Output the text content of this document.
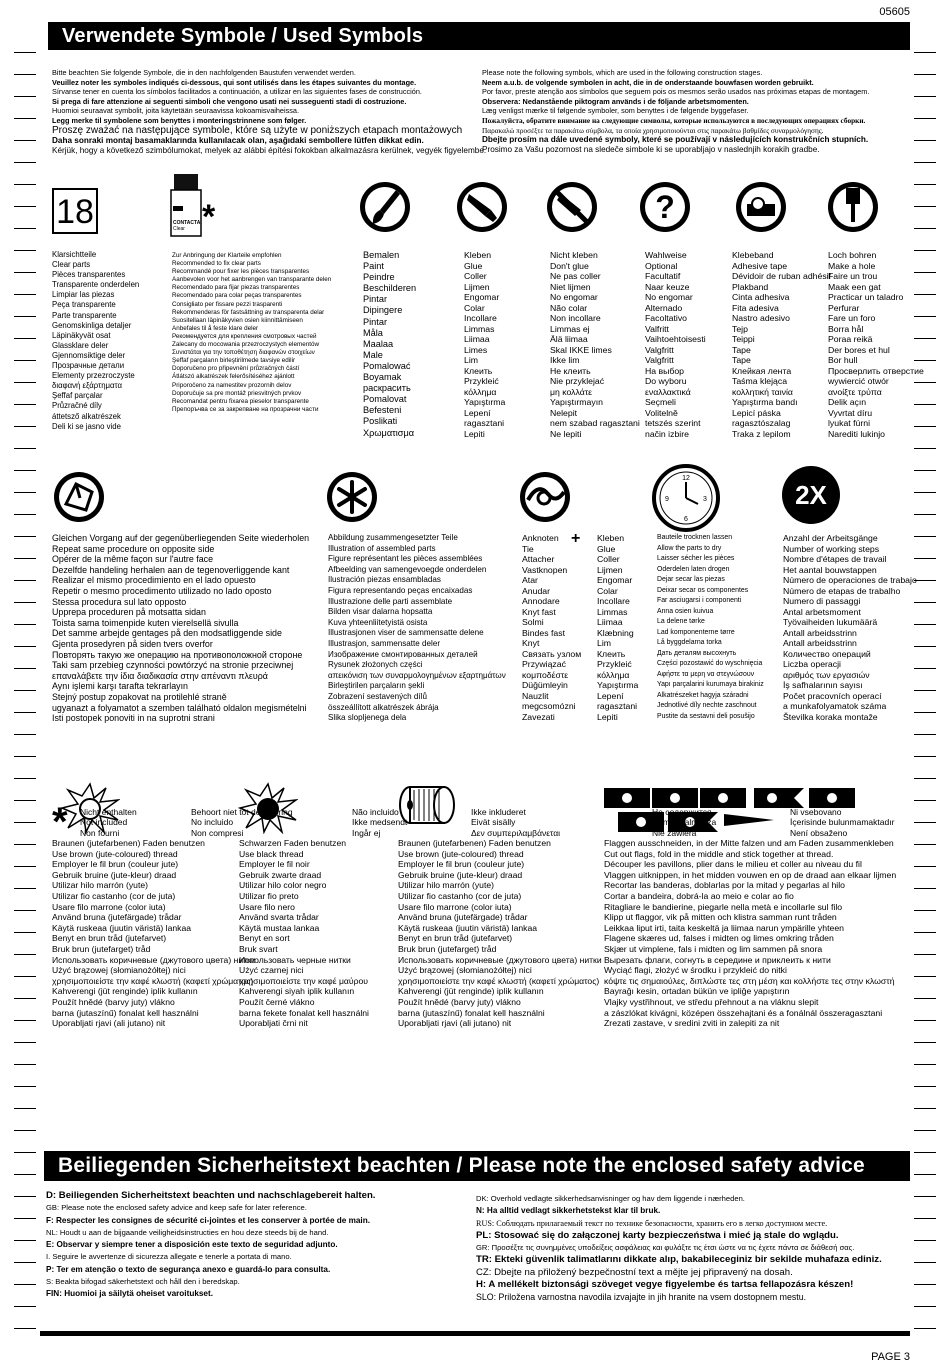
05605
Verwendete Symbole / Used Symbols
Bitte beachten Sie folgende Symbole, die in den nachfolgenden Baustufen verwendet werden.
Veuillez noter les symboles indiqués ci-dessous, qui sont utilisés dans les étapes suivantes du montage.
Sírvanse tener en cuenta los símbolos facilitados a continuación, a utilizar en las siguientes fases de construcción.
Si prega di fare attenzione ai seguenti simboli che vengono usati nei susseguenti stadi di costruzione.
Huomioi seuraavat symbolit, joita käytetään seuraavissa kokoamisvaiheissa.
Legg merke til symbolene som benyttes i monteringstrinnene som følger.
Proszę zważać na następujące symbole, które są użyte w poniższych etapach montażowych
Daha sonraki montaj basamaklarında kullanılacak olan, aşağıdaki sembollere lütfen dikkat edin.
Kérjük, hogy a következő szimbólumokat, melyek az alábbi építési fokokban alkalmazásra kerülnek, vegyék figyelembe.
Please note the following symbols, which are used in the following construction stages.
Neem a.u.b. de volgende symbolen in acht, die in de onderstaande bouwfasen worden gebruikt.
Por favor, preste atenção aos símbolos que seguem pois os mesmos serão usados nas próximas etapas de montagem.
Observera: Nedanstående piktogram används i de följande arbetsmomenten.
Læg venligst mærke til følgende symboler, som benyttes i de følgende byggefaser.
Пожалуйста, обратите внимание на следующие символы, которые используются в последующих операциях сборки.
Παρακαλώ προσέξτε τα παρακάτω σύμβολα, τα οποία χρησιμοποιούνται στις παρακάτω βαθμίδες συναρμολόγησης.
Dbejte prosím na dále uvedené symboly, které se používají v následujících konstrukčních stupních.
Prosimo za Vašu pozornost na sledeče simbole ki se uporabljajo v naslednjih korakih gradbe.
18	CONTACTA
Clear *	?
Klarsichtteile
Clear parts
Pièces transparentes
Transparente onderdelen
Limpiar las piezas
Peça transparente
Parte transparente
Genomskinliga detaljer
Läpinäkyvät osat
Glassklare deler
Gjennomsiktige deler
Прозрачные детали
Elementy przezroczyste
διαφανή εξάρτηματα
Şeffaf parçalar
Průzračné díly
áttetsző alkatrészek
Deli ki se jasno vide
Zur Anbringung der Klarteile empfohlen
Recommended to fix clear parts
Recommandé pour fixer les pièces transparentes
Aanbevolen voor het aanbrengen van transparante delen
Recomendado para fijar piezas transparentes
Recomendado para colar peças transparentes
Consigliato per fissare pezzi trasparenti
Rekommenderas för fastsättning av transparenta delar
Suositellaan läpinäkyvien osien kiinnittämiseen
Anbefales til å feste klare deler
Рекомендуется для крепления смотровых частей
Zalecany do mocowania przezroczystych elementów
Συνιστάται για την τοποθέτηση διαφανών στοιχείων
Şeffaf parçaların birleştirilmede tavsiye edilir
Doporučeno pro připevnění průzračných částí
Átlátszó alkatrészek felerősítéséhez ajánlott
Priporočeno za namestitev prozornih delov
Doporučuje sa pre montáž priesvitných prvkov
Recomandat pentru fixarea pieselor transparente
Препоръчва се за закрепване на прозрачни части
Bemalen
Paint
Peindre
Beschilderen
Pintar
Dipingere
Pintar
Måla
Maalaa
Male
Pomalować
Boyamak
раскрасить
Pomalovat
Befesteni
Poslikati
Χρωματισμα
Kleben
Glue
Coller
Lijmen
Engomar
Colar
Incollare
Limmas
Liimaa
Limes
Lim
Клеить
Przykleić
κόλλημα
Yapıştırma
Lepení
ragasztani
Lepiti
Nicht kleben
Don't glue
Ne pas coller
Niet lijmen
No engomar
Não colar
Non incollare
Limmas ej
Älä liimaa
Skal IKKE limes
Ikke lim
Не клеить
Nie przyklejać
μη κολλάτε
Yapıştırmayın
Nelepit
nem szabad ragasztani
Ne lepiti
Wahlweise
Optional
Facultatif
Naar keuze
No engomar
Alternado
Facoltativo
Valfritt
Vaihtoehtoisesti
Valgfritt
Valgfritt
На выбор
Do wyboru
εναλλακτικά
Seçmeli
Volitelně
tetszés szerint
način izbire
Klebeband
Adhesive tape
Dévidoir de ruban adhésif
Plakband
Cinta adhesiva
Fita adesiva
Nastro adesivo
Tejp
Teippi
Tape
Tape
Клейкая лента
Taśma klejąca
κολλητική ταινία
Yapıştırma bandı
Lepicí páska
ragasztószalag
Traka z lepilom
Loch bohren
Make a hole
Faire un trou
Maak een gat
Practicar un taladro
Perfurar
Fare un foro
Borra hål
Poraa reikä
Der bores et hul
Bor hull
Просверлить отверстие
wywiercić otwór
ανοίξτε τρύπα
Delik açın
Vyvrtat díru
lyukat fúrni
Narediti lukinjo
+
12
3
6
9	2X
Gleichen Vorgang auf der gegenüberliegenden Seite wiederholen
Repeat same procedure on opposite side
Opérer de la même façon sur l'autre face
Dezelfde handeling herhalen aan de tegenoverliggende kant
Realizar el mismo procedimiento en el lado opuesto
Repetir o mesmo procedimento utilizado no lado oposto
Stessa procedura sul lato opposto
Upprepa proceduren på motsatta sidan
Toista sama toimenpide kuten vierelsellä sivulla
Det samme arbejde gentages på den modsatliggende side
Gjenta prosedyren på siden tvers overfor
Повторять такую же операцию на противоположной стороне
Taki sam przebieg czynności powtórzyć na stronie przeciwnej
επαναλάβετε την ίδια διαδικασία στην απέναντι πλευρά
Aynı işlemi karşı tarafta tekrarlayın
Stejný postup zopakovat na protilehlé straně
ugyanazt a folyamatot a szemben található oldalon megismételni
Isti postopek ponoviti in na suprotni strani
Abbildung zusammengesetzter Teile
Illustration of assembled parts
Figure représentant les pièces assemblées
Afbeelding van samengevoegde onderdelen
Ilustración piezas ensambladas
Figura representando peças encaixadas
Illustrazione delle parti assemblate
Bilden visar dalarna hopsatta
Kuva yhteenliitetyistä osista
Illustrasjonen viser de sammensatte delene
Illustrasjon, sammensatte deler
Изображение смонтированных деталей
Rysunek złożonych części
απεικόνιση των συναρμολογημένων εξαρτημάτων
Birleştirilen parçaların şekli
Zobrazení sestavených dílů
összeállított alkatrészek ábrája
Slika slopljenega dela
Anknoten
Tie
Attacher
Vastknopen
Atar
Anudar
Annodare
Knyt fast
Solmi
Bindes fast
Knyt
Связать узлом
Przywiązać
κομποδέστε
Düğümleyin
Nauzlit
megcsomózni
Zavezati
Kleben
Glue
Coller
Lijmen
Engomar
Colar
Incollare
Limmas
Liimaa
Klæbning
Lim
Клеить
Przykleić
κόλλημα
Yapıştırma
Lepení
ragasztani
Lepiti
Bauteile trocknen lassen
Allow the parts to dry
Laisser sécher les pièces
Oderdelen laten drogen
Dejar secar las piezas
Deixar secar os componentes
Far asciugarsi i componenti
Anna osien kuivua
La delene tørke
Lad komponenterne tørre
Lå byggdelarna torka
Дать деталям высохнуть
Części pozostawić do wyschnięcia
Αφήστε τα μερη να στεγνώσουν
Yapı parçalarini kurumaya birakiniz
Alkatrészeket hagyja száradni
Jednotlivé díly nechte zaschnout
Pustite da sestavni deli posušijo
Anzahl der Arbeitsgänge
Number of working steps
Nombre d'étapes de travail
Het aantal bouwstappen
Número de operaciones de trabajo
Número de etapas de trabalho
Numero di passaggi
Antal arbetsmoment
Työvaiheiden lukumäärä
Antall arbeidsstrinn
Antall arbeidsstrinn
Количество операций
Liczba operacji
αριθμός των εργασιών
İş safhalarının sayısı
Počet pracovních operací
a munkafolyamatok száma
Številka koraka montaže
Braunen (jutefarbenen) Faden benutzen
Use brown (jute-coloured) thread
Employer le fil brun (couleur jute)
Gebruik bruine (jute-kleur) draad
Utilizar hilo marrón (yute)
Utilizar fio castanho (cor de juta)
Usare filo marrone (color iuta)
Använd bruna (jutefärgade) trådar
Käytä ruskeaa (juutin väristä) lankaa
Benyt en brun tråd (jutefarvet)
Bruk brun (jutefarget) tråd
Использовать коричневые (джутового цвета) нитки
Użyć brązowej (słomianożółtej) nici
χρησιμοποιείστε την καφέ κλωστή (καφετί χρώματος)
Kahverengi (jüt renginde) iplik kullanın
Použít hnědé (barvy juty) vlákno
barna (jutaszínű) fonalat kell használni
Uporabljati rjavi (ali jutano) nit
Schwarzen Faden benutzen
Use black thread
Employer le fil noir
Gebruik zwarte draad
Utilizar hilo color negro
Utilizar fio preto
Usare filo nero
Använd svarta trådar
Käytä mustaa lankaa
Benyt en sort
Bruk svart
Использовать черные нитки
Użyć czarnej nici
χρησιμοποιείστε την καφέ μαύρου
Kahverengi siyah iplik kullanın
Použít černé vlákno
barna fekete fonalat kell használni
Uporabljati črni nit
Braunen (jutefarbenen) Faden benutzen
Use brown (jute-coloured) thread
Employer le fil brun (couleur jute)
Gebruik bruine (jute-kleur) draad
Utilizar hilo marrón (yute)
Utilizar fio castanho (cor de juta)
Usare filo marrone (color iuta)
Använd bruna (jutefärgade) trådar
Käytä ruskeaa (juutin väristä) lankaa
Benyt en brun tråd (jutefarvet)
Bruk brun (jutefarget) tråd
Использовать коричневые (джутового цвета) нитки
Użyć brązowej (słomianożółtej) nici
χρησιμοποιείστε την καφέ κλωστή (καφετί χρώματος)
Kahverengi (jüt renginde) iplik kullanın
Použít hnědé (barvy juty) vlákno
barna (jutaszínű) fonalat kell használni
Uporabljati rjavi (ali jutano) nit
Flaggen ausschneiden, in der Mitte falzen und am Faden zusammenkleben
Cut out flags, fold in the middle and stick together at thread.
Découper les pavillons, plier dans le milieu et coller au niveau du fil
Vlaggen uitknippen, in het midden vouwen en op de draad aan elkaar lijmen
Recortar las banderas, doblarlas por la mitad y pegarlas al hilo
Cortar a bandeira, dobrá-la ao meio e colar ao fio
Ritagliare le bandierine, piegarle nella metà e incollarle sul filo
Klipp ut flaggor, vik på mitten och klistra samman runt tråden
Leikkaa liput irti, taita keskeltä ja liimaa narun ympärille yhteen
Flagene skæres ud, falses i midten og limes omkring tråden
Skjær ut vimplene, fals i midten og lim sammen på snora
Вырезать флаги, согнуть в середине и приклеить к нити
Wyciąć flagi, złożyć w środku i przykleić do nitki
κόψτε τις σημαιούλες, διπλώστε τες στη μέση και κολλήστε τες στην κλωστή
Bayrağı kesin, ortadan bükün ve ipliğe yapıştırın
Vlajky vystřihnout, ve středu přehnout a na vláknu slepit
a zászlókat kivágni, középen összehajtani és a fonálnál összeragasztani
Zrezati zastave, v sredini zviti in zalepiti za nit
* Nicht enthalten
Not included
Non fourni
Behoort niet tot de levering
No incluido
Non compresi
Não incluido
Ikke medsendt
Ingår ej
Ikke inkluderet
Eivät sisälly
Δεν συμπεριλαμβάνεται
Не содержится
Nem tartalmazza
Nie zawiera
Ni vsebovano
İçerisinde bulunmamaktadır
Není obsaženo
Beiliegenden Sicherheitstext beachten / Please note the enclosed safety advice
D: Beiliegenden Sicherheitstext beachten und nachschlagebereit halten.
GB: Please note the enclosed safety advice and keep safe for later reference.
F: Respecter les consignes de sécurité ci-jointes et les conserver à portée de main.
NL: Houdt u aan de bijgaande veiligheidsinstructies en hou deze steeds bij de hand.
E: Observar y siempre tener a disposición este texto de seguridad adjunto.
I. Seguire le avvertenze di sicurezza allegate e tenerle a portata di mano.
P: Ter em atenção o texto de segurança anexo e guardá-lo para consulta.
S: Beakta bifogad säkerhetstext och håll den i beredskap.
FIN: Huomioi ja säilytä oheiset varoitukset.
DK: Overhold vedlagte sikkerhedsanvisninger og hav dem liggende i nærheden.
N: Ha alltid vedlagt sikkerhetstekst klar til bruk.
RUS: Соблюдать прилагаемый текст по технике безопасности, хранить его в легко доступном месте.
PL: Stosować się do załączonej karty bezpieczeństwa i mieć ją stale do wglądu.
GR: Προσέξτε τις συνημμένες υποδείξεις ασφάλειας και φυλάξτε τις έτσι ώστε να τις έχετε πάντα σε διάθεσή σας.
TR: Ekteki güvenlik talimatlarını dikkate alıp, bakabileceginiz bir sekilde muhafaza ediniz.
CZ: Dbejte na přiložený bezpečnostní text a mějte jej připravený na dosah.
H: A mellékelt biztonsági szöveget vegye figyelembe és tartsa fellapozásra készen!
SLO: Priložena varnostna navodila izvajajte in jih hranite na vsem dostopnem mestu.
PAGE 3
